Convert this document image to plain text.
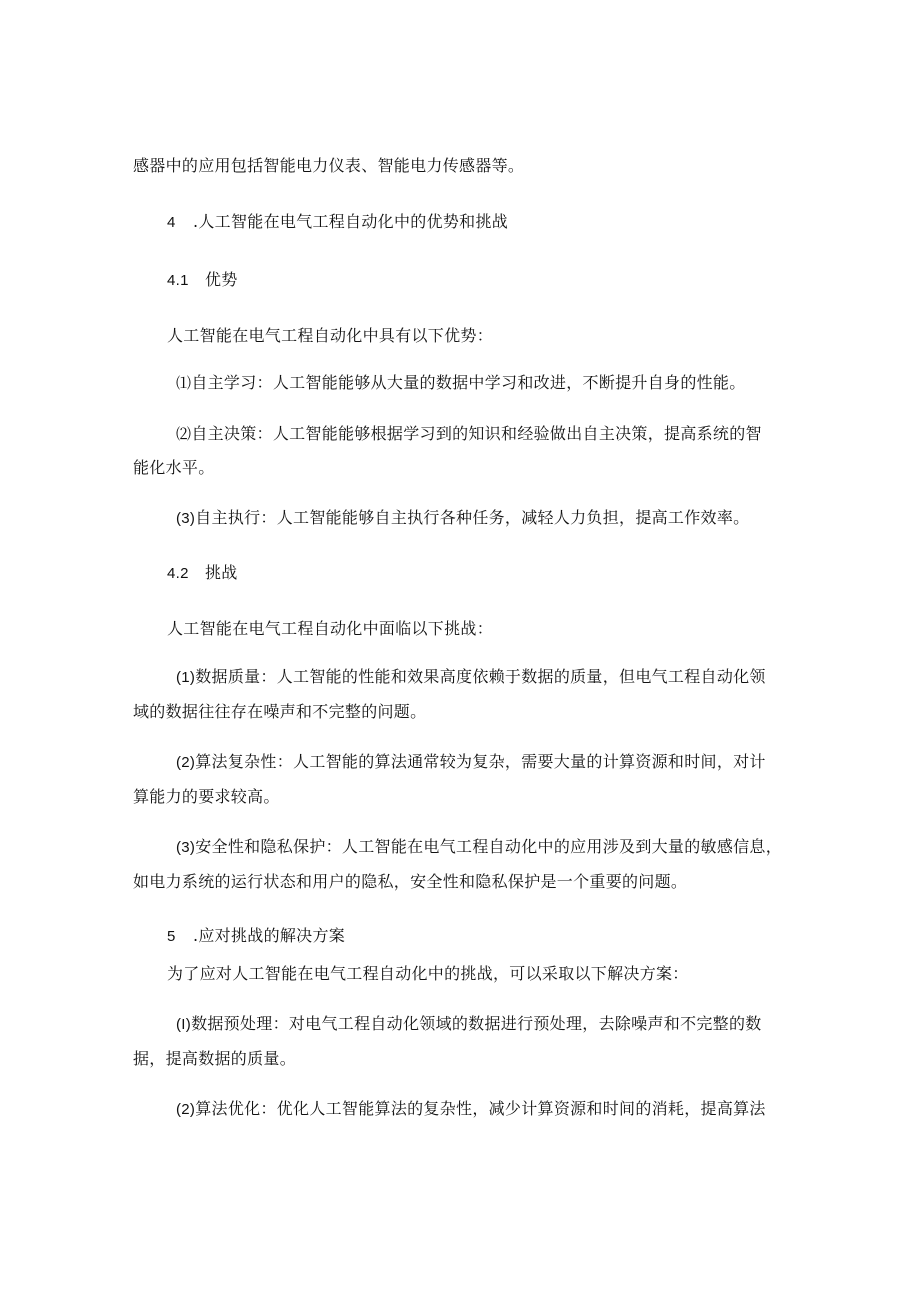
感器中的应用包括智能电力仪表、智能电力传感器等。
4 .人工智能在电气工程自动化中的优势和挑战
4.1 优势
人工智能在电气工程自动化中具有以下优势：
⑴自主学习：人工智能能够从大量的数据中学习和改进，不断提升自身的性能。
⑵自主决策：人工智能能够根据学习到的知识和经验做出自主决策，提高系统的智
能化水平。
(3)自主执行：人工智能能够自主执行各种任务，减轻人力负担，提高工作效率。
4.2 挑战
人工智能在电气工程自动化中面临以下挑战：
(1)数据质量：人工智能的性能和效果高度依赖于数据的质量，但电气工程自动化领
域的数据往往存在噪声和不完整的问题。
(2)算法复杂性：人工智能的算法通常较为复杂，需要大量的计算资源和时间，对计
算能力的要求较高。
(3)安全性和隐私保护：人工智能在电气工程自动化中的应用涉及到大量的敏感信息，
如电力系统的运行状态和用户的隐私，安全性和隐私保护是一个重要的问题。
5 .应对挑战的解决方案
为了应对人工智能在电气工程自动化中的挑战，可以采取以下解决方案：
(I)数据预处理：对电气工程自动化领域的数据进行预处理，去除噪声和不完整的数
据，提高数据的质量。
(2)算法优化：优化人工智能算法的复杂性，减少计算资源和时间的消耗，提高算法
